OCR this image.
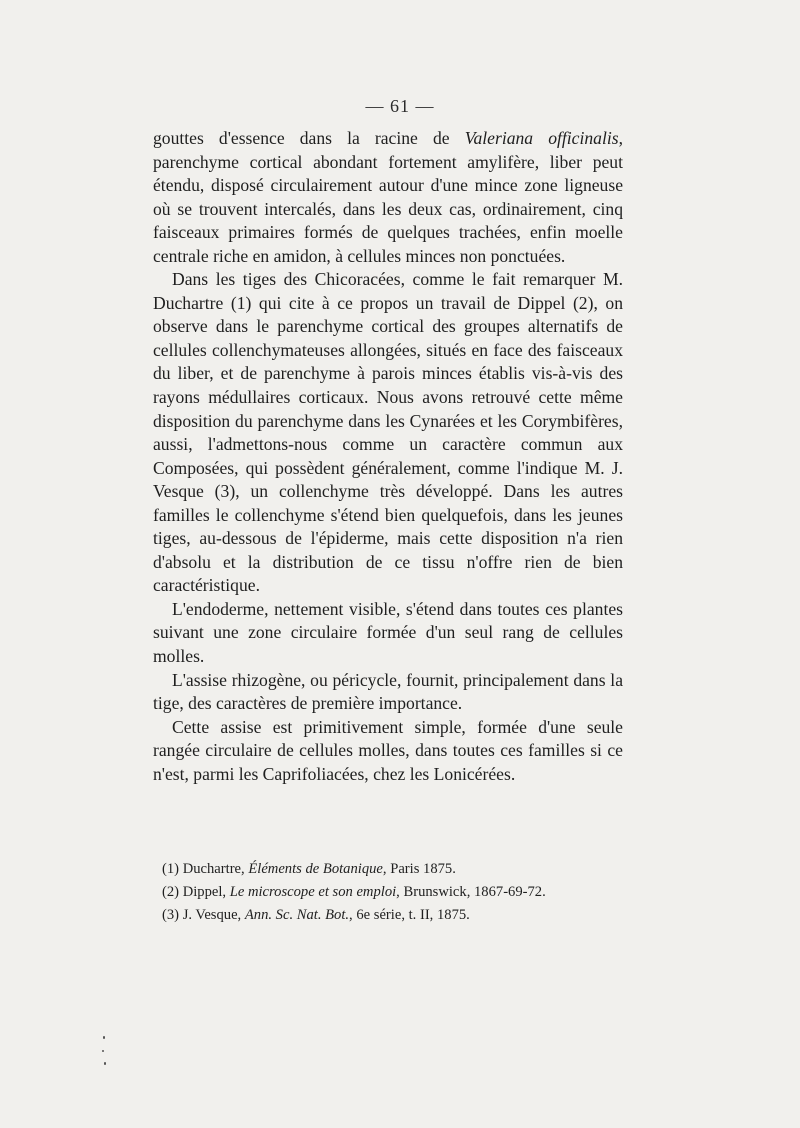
— 61 —

gouttes d'essence dans la racine de Valeriana officinalis, parenchyme cortical abondant fortement amylifère, liber peut étendu, disposé circulairement autour d'une mince zone ligneuse où se trouvent intercalés, dans les deux cas, ordinairement, cinq faisceaux primaires formés de quelques trachées, enfin moelle centrale riche en amidon, à cellules minces non ponctuées.

Dans les tiges des Chicoracées, comme le fait remarquer M. Duchartre (1) qui cite à ce propos un travail de Dippel (2), on observe dans le parenchyme cortical des groupes alternatifs de cellules collenchymateuses allongées, situés en face des faisceaux du liber, et de parenchyme à parois minces établis vis-à-vis des rayons médullaires corticaux. Nous avons retrouvé cette même disposition du parenchyme dans les Cynarées et les Corymbifères, aussi, l'admettons-nous comme un caractère commun aux Composées, qui possèdent généralement, comme l'indique M. J. Vesque (3), un collenchyme très développé. Dans les autres familles le collenchyme s'étend bien quelquefois, dans les jeunes tiges, au-dessous de l'épiderme, mais cette disposition n'a rien d'absolu et la distribution de ce tissu n'offre rien de bien caractéristique.

L'endoderme, nettement visible, s'étend dans toutes ces plantes suivant une zone circulaire formée d'un seul rang de cellules molles.

L'assise rhizogène, ou péricycle, fournit, principalement dans la tige, des caractères de première importance.

Cette assise est primitivement simple, formée d'une seule rangée circulaire de cellules molles, dans toutes ces familles si ce n'est, parmi les Caprifoliacées, chez les Lonicérées.

(1) Duchartre, Éléments de Botanique, Paris 1875.

(2) Dippel, Le microscope et son emploi, Brunswick, 1867-69-72.

(3) J. Vesque, Ann. Sc. Nat. Bot., 6e série, t. II, 1875.
